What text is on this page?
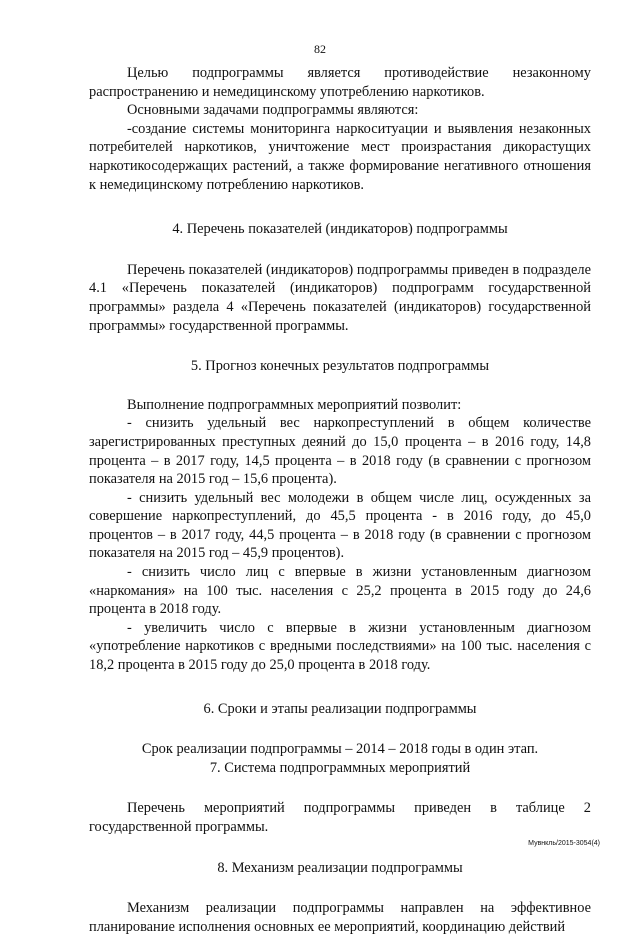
82

Целью подпрограммы является противодействие незаконному распространению и немедицинскому употреблению наркотиков.

Основными задачами подпрограммы являются:

-создание системы мониторинга наркоситуации и выявления незаконных потребителей наркотиков, уничтожение мест произрастания дикорастущих наркотикосодержащих растений, а также формирование негативного отношения к немедицинскому потреблению наркотиков.

4. Перечень показателей (индикаторов) подпрограммы

Перечень показателей (индикаторов) подпрограммы приведен в подразделе 4.1 «Перечень показателей (индикаторов) подпрограмм государственной программы» раздела 4 «Перечень показателей (индикаторов) государственной программы» государственной программы.

5. Прогноз конечных результатов подпрограммы

Выполнение подпрограммных мероприятий позволит:

- снизить удельный вес наркопреступлений в общем количестве зарегистрированных преступных деяний до 15,0 процента – в 2016 году, 14,8 процента – в 2017 году, 14,5 процента – в 2018 году (в сравнении с прогнозом показателя на 2015 год – 15,6 процента).

- снизить удельный вес молодежи в общем числе лиц, осужденных за совершение наркопреступлений, до 45,5 процента - в 2016 году, до 45,0 процентов – в 2017 году, 44,5 процента – в 2018 году (в сравнении с прогнозом показателя на 2015 год – 45,9 процентов).

- снизить число лиц с впервые в жизни установленным диагнозом «наркомания» на 100 тыс. населения с 25,2 процента в 2015 году до 24,6 процента в 2018 году.

- увеличить число с впервые в жизни установленным диагнозом «употребление наркотиков с вредными последствиями» на 100 тыс. населения с 18,2 процента в 2015 году до 25,0 процента в 2018 году.

6. Сроки и этапы реализации подпрограммы

Срок реализации подпрограммы – 2014 – 2018 годы в один этап.

7. Система подпрограммных мероприятий

Перечень мероприятий подпрограммы приведен в таблице 2 государственной программы.

8. Механизм реализации подпрограммы

Механизм реализации подпрограммы направлен на эффективное планирование исполнения основных ее мероприятий, координацию действий

Мувнкль/2015-3054(4)
